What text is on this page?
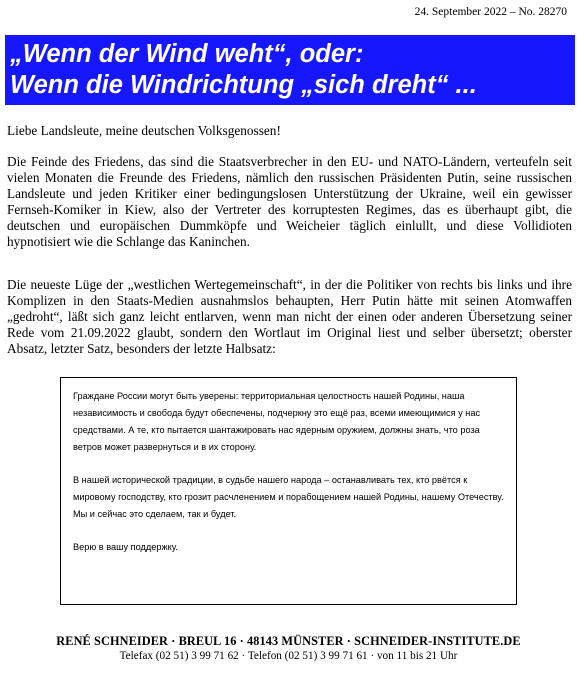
24. September 2022 – No. 28270
„Wenn der Wind weht“, oder:
Wenn die Windrichtung „sich dreht“ ...

Liebe Landsleute, meine deutschen Volksgenossen!

Die Feinde des Friedens, das sind die Staatsverbrecher in den EU- und NATO-Ländern, verteufeln seit vielen Monaten die Freunde des Friedens, nämlich den russischen Präsidenten Putin, seine russischen Landsleute und jeden Kritiker einer bedingungslosen Unterstützung der Ukraine, weil ein gewisser Fernseh-Komiker in Kiew, also der Vertreter des korruptesten Regimes, das es überhaupt gibt, die deutschen und europäischen Dummköpfe und Weicheier täglich einlullt, und diese Vollidioten hypnotisiert wie die Schlange das Kaninchen.

Die neueste Lüge der „westlichen Wertegemeinschaft“, in der die Politiker von rechts bis links und ihre Komplizen in den Staats-Medien ausnahmslos behaupten, Herr Putin hätte mit seinen Atomwaffen „gedroht“, läßt sich ganz leicht entlarven, wenn man nicht der einen oder anderen Übersetzung seiner Rede vom 21.09.2022 glaubt, sondern den Wortlaut im Original liest und selber übersetzt; oberster Absatz, letzter Satz, besonders der letzte Halbsatz:

Граждане России могут быть уверены: территориальная целостность нашей Родины, наша независимость и свобода будут обеспечены, подчеркну это ещё раз, всеми имеющимися у нас средствами. А те, кто пытается шантажировать нас ядерным оружием, должны знать, что роза ветров может развернуться и в их сторону.

В нашей исторической традиции, в судьбе нашего народа – останавливать тех, кто рвётся к мировому господству, кто грозит расчленением и порабощением нашей Родины, нашему Отечеству. Мы и сейчас это сделаем, так и будет.

Верю в вашу поддержку.

RENÉ SCHNEIDER · BREUL 16 · 48143 MÜNSTER · SCHNEIDER-INSTITUTE.DE
Telefax (02 51) 3 99 71 62 · Telefon (02 51) 3 99 71 61 · von 11 bis 21 Uhr
